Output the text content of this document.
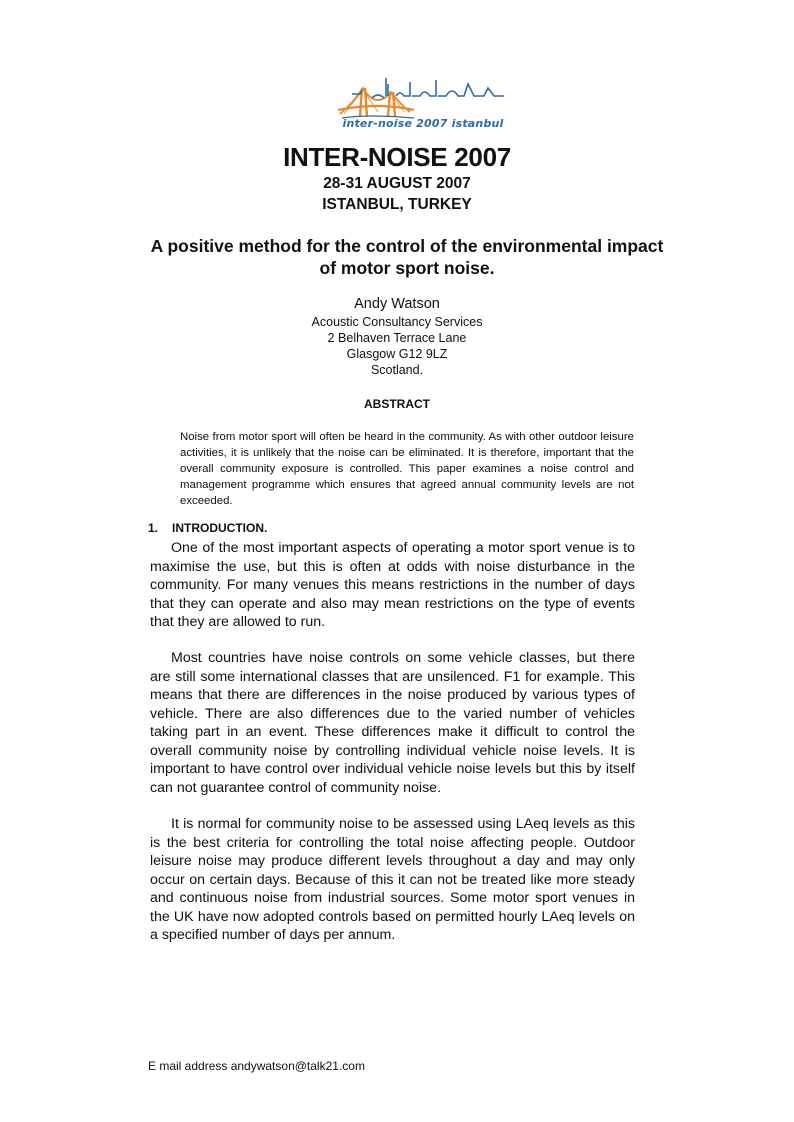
inter-noise 2007 istanbul
INTER-NOISE 2007
28-31 AUGUST 2007
ISTANBUL, TURKEY
A positive method for the control of the environmental impact of motor sport noise.
Andy Watson
Acoustic Consultancy Services
2 Belhaven Terrace Lane
Glasgow G12 9LZ
Scotland.
ABSTRACT
Noise from motor sport will often be heard in the community. As with other outdoor leisure activities, it is unlikely that the noise can be eliminated. It is therefore, important that the overall community exposure is controlled. This paper examines a noise control and management programme which ensures that agreed annual community levels are not exceeded.
1. INTRODUCTION.
One of the most important aspects of operating a motor sport venue is to maximise the use, but this is often at odds with noise disturbance in the community. For many venues this means restrictions in the number of days that they can operate and also may mean restrictions on the type of events that they are allowed to run.
Most countries have noise controls on some vehicle classes, but there are still some international classes that are unsilenced. F1 for example. This means that there are differences in the noise produced by various types of vehicle. There are also differences due to the varied number of vehicles taking part in an event. These differences make it difficult to control the overall community noise by controlling individual vehicle noise levels. It is important to have control over individual vehicle noise levels but this by itself can not guarantee control of community noise.
It is normal for community noise to be assessed using LAeq levels as this is the best criteria for controlling the total noise affecting people. Outdoor leisure noise may produce different levels throughout a day and may only occur on certain days. Because of this it can not be treated like more steady and continuous noise from industrial sources. Some motor sport venues in the UK have now adopted controls based on permitted hourly LAeq levels on a specified number of days per annum.
E mail address andywatson@talk21.com
